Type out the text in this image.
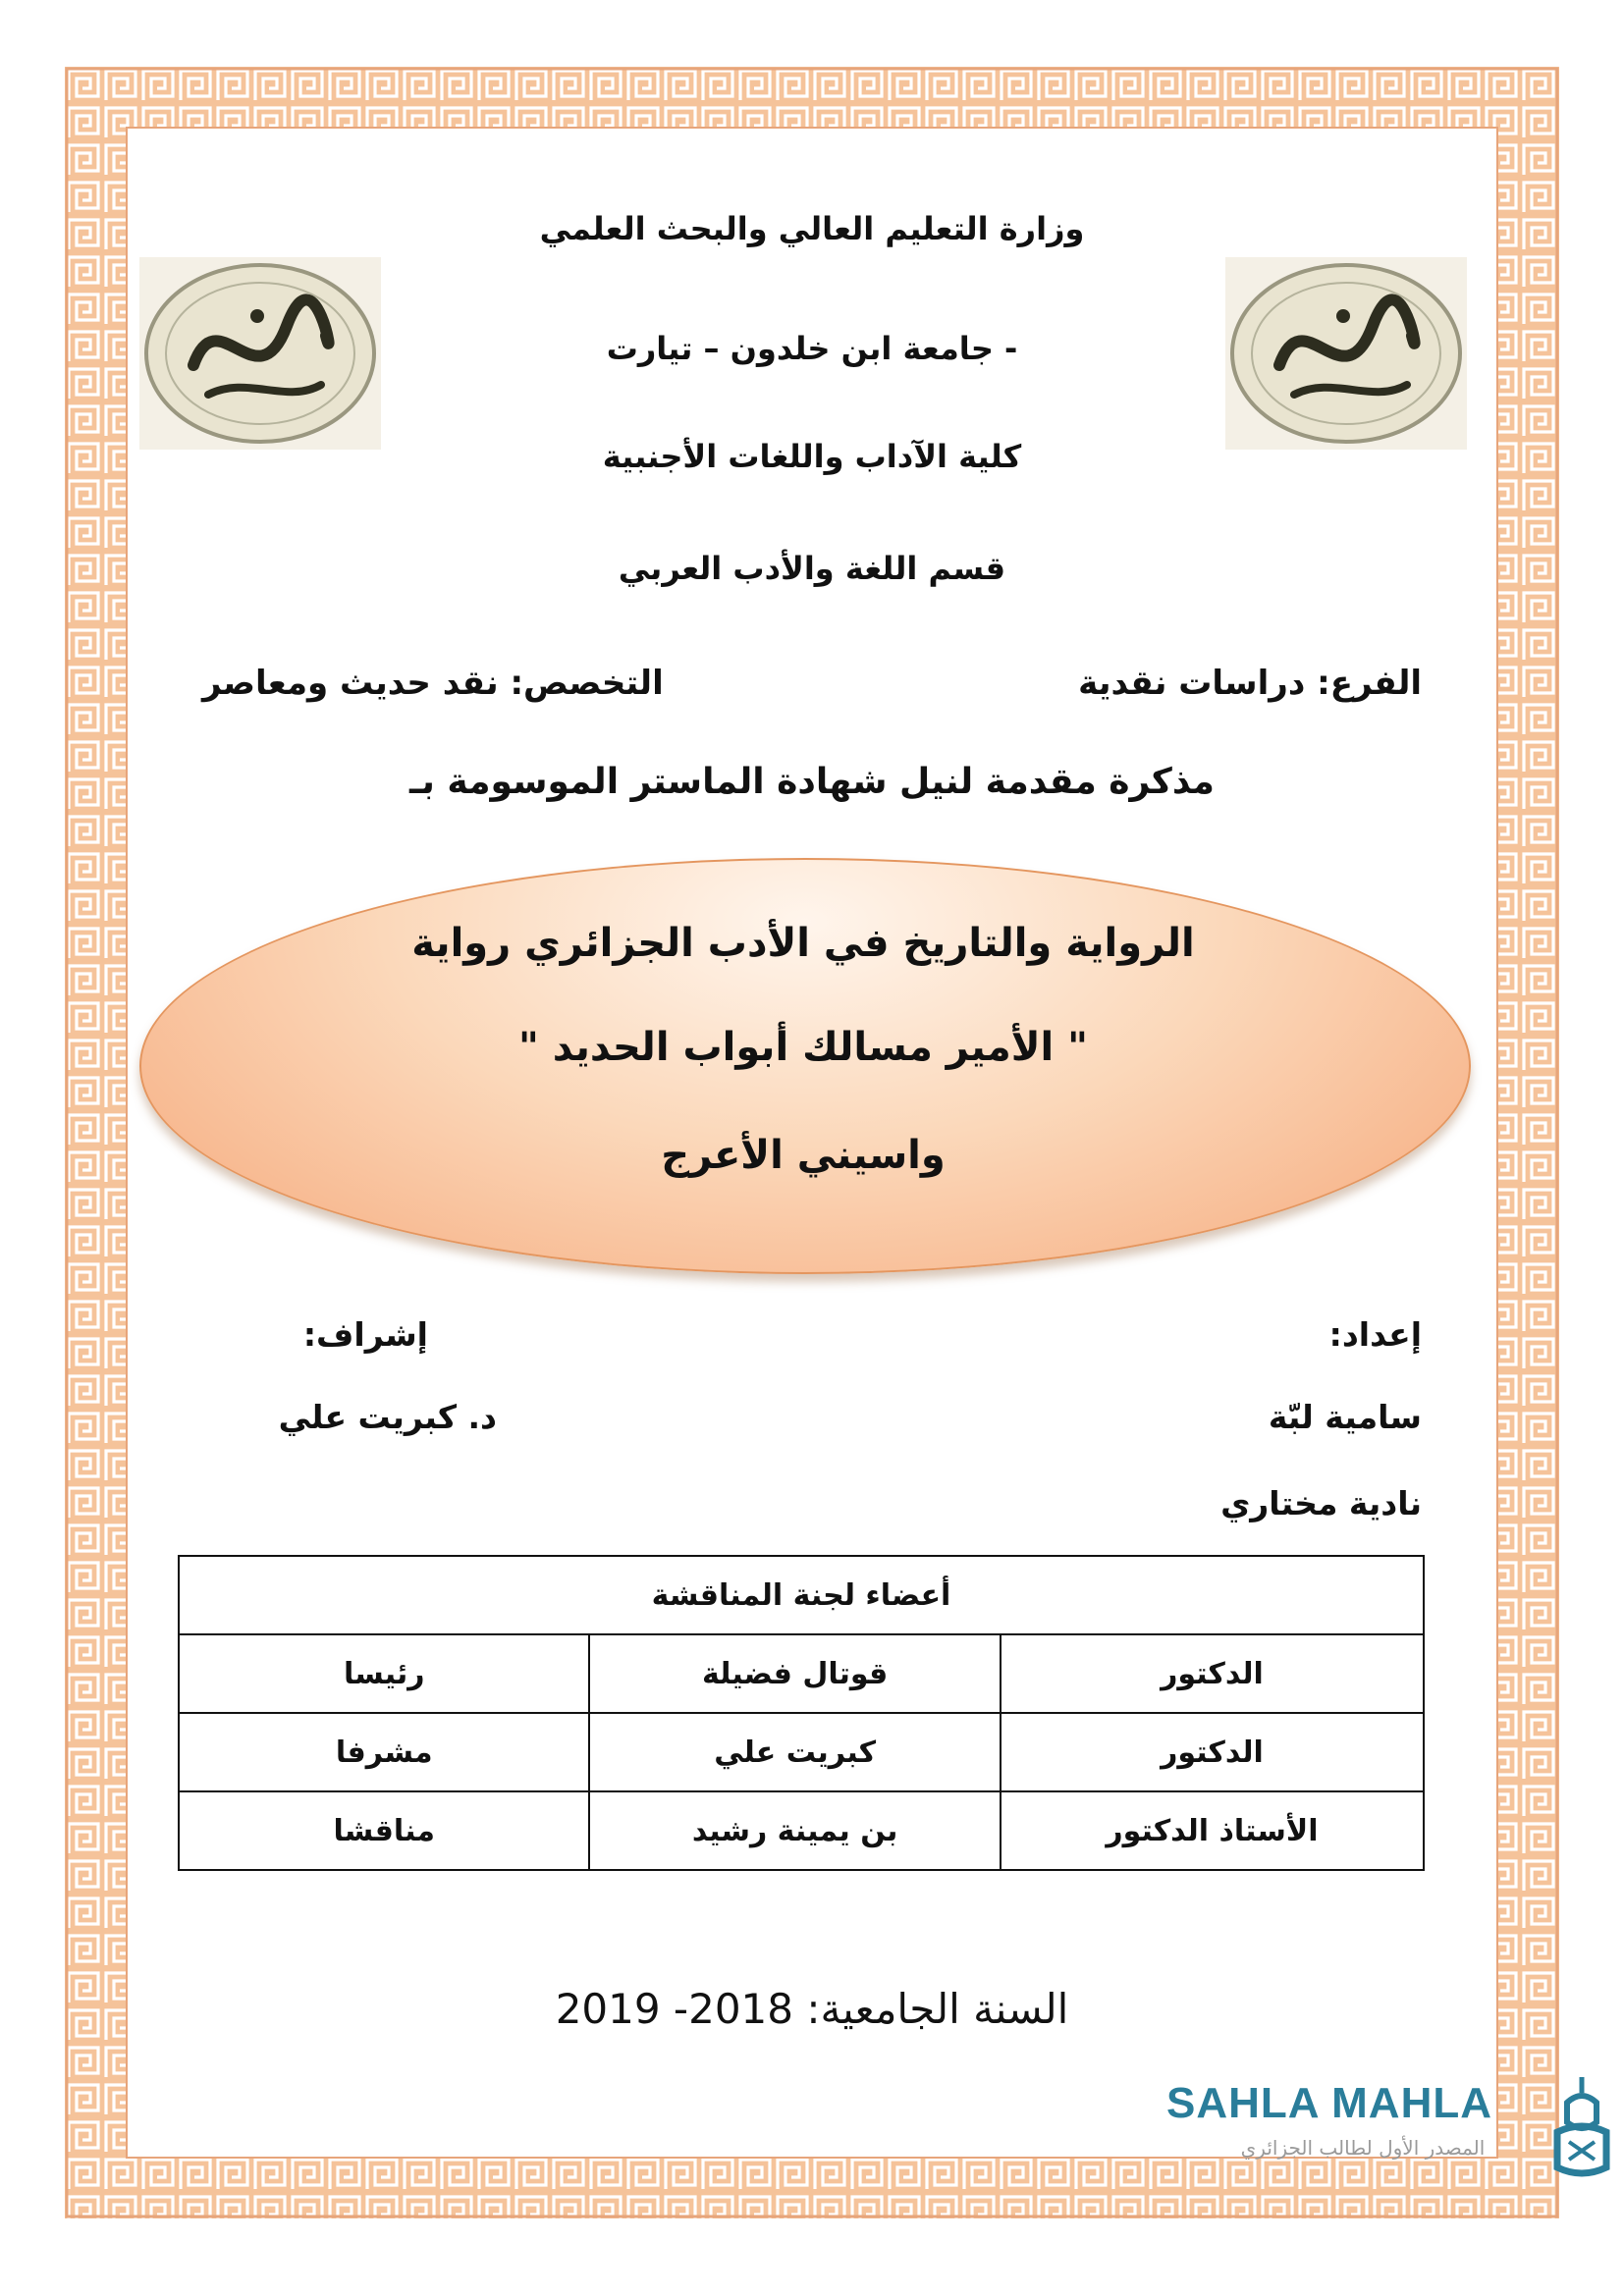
وزارة التعليم العالي والبحث العلمي
- جامعة ابن خلدون – تيارت
كلية الآداب واللغات الأجنبية
قسم اللغة والأدب العربي
الفرع: دراسات نقدية
التخصص: نقد حديث ومعاصر
مذكرة مقدمة لنيل شهادة الماستر الموسومة بـ
الرواية والتاريخ في الأدب الجزائري رواية
" الأمير مسالك أبواب الحديد "
واسيني الأعرج
إعداد:
إشراف:
سامية لبّة
د. كبريت علي
نادية مختاري
أعضاء لجنة المناقشة		
الدكتور	قوتال فضيلة	رئيسا
الدكتور	كبريت علي	مشرفا
الأستاذ الدكتور	بن يمينة رشيد	مناقشا
السنة الجامعية: 2018- 2019
SAHLA MAHLA
المصدر الأول لطالب الجزائري
